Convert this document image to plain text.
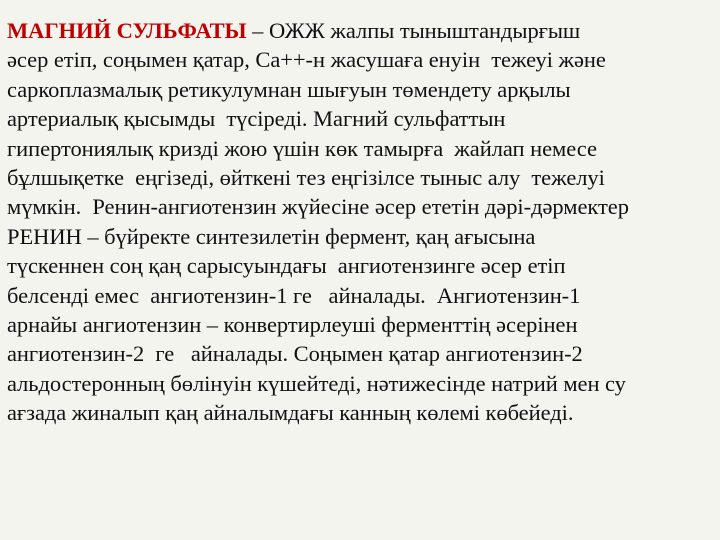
МАГНИЙ СУЛЬФАТЫ – ОЖЖ жалпы тыныштандырғыш
әсер етіп, соңымен қатар, Са++-н жасушаға енуін  тежеуі және
саркоплазмалық ретикулумнан шығуын төмендету арқылы
артериалық қысымды  түсіреді. Магний сульфаттын
гипертониялық кризді жою үшін көк тамырға  жайлап немесе
бұлшықетке  еңгізеді, өйткені тез еңгізілсе тыныс алу  тежелуі
мүмкін.  Ренин-ангиотензин жүйесіне әсер ететін дәрі-дәрмектер
РЕНИН – бүйректе синтезилетін фермент, қаң ағысына
түскеннен соң қаң сарысуындағы  ангиотензинге әсер етіп
белсенді емес  ангиотензин-1 ге   айналады.  Ангиотензин-1
арнайы ангиотензин – конвертирлеуші ферменттің әсерінен
ангиотензин-2  ге   айналады. Соңымен қатар ангиотензин-2
альдостеронның бөлінуін күшейтеді, нәтижесінде натрий мен су
ағзада жиналып қаң айналымдағы канның көлемі көбейеді.
